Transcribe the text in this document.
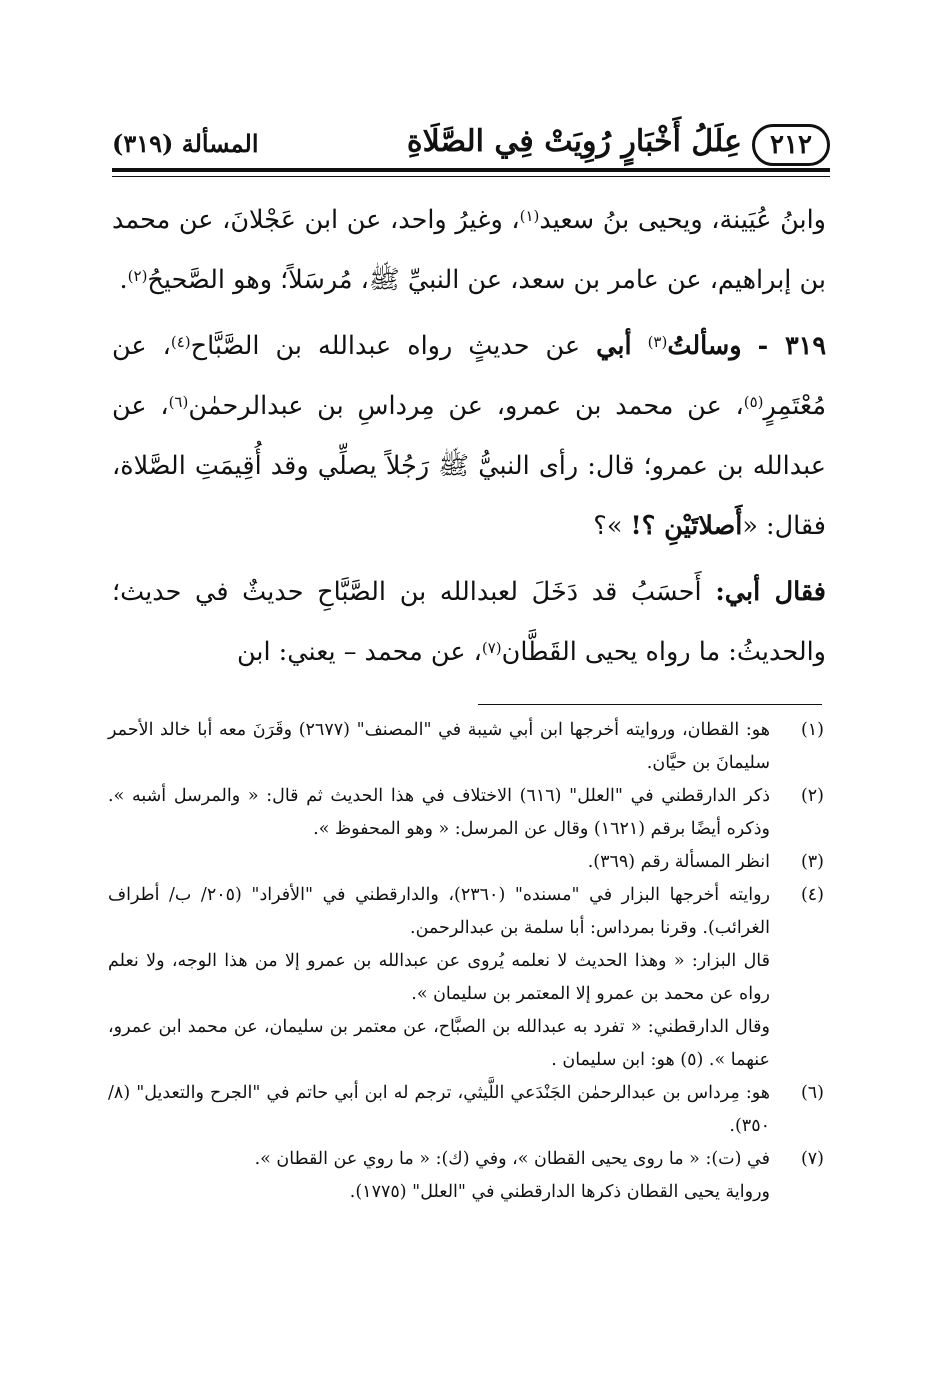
٢١٢
عِلَلُ أَخْبَارٍ رُوِيَتْ فِي الصَّلَاةِ
المسألة (٣١٩)

وابنُ عُيَينة، ويحيى بنُ سعيد$^{(١)}$، وغيرُ واحد، عن ابن عَجْلانَ، عن محمد بن إبراهيم، عن عامر بن سعد، عن النبيِّ ﷺ، مُرسَلاً؛ وهو الصَّحيحُ$^{(٢)}$.

٣١٩ - وسألتُ$^{(٣)}$ أبي عن حديثٍ رواه عبدالله بن الصَّبَّاح$^{(٤)}$، عن مُعْتَمِرٍ$^{(٥)}$، عن محمد بن عمرو، عن مِرداسِ بن عبدالرحمٰن$^{(٦)}$، عن عبدالله بن عمرو؛ قال: رأى النبيُّ ﷺ رَجُلاً يصلِّي وقد أُقِيمَتِ الصَّلاة، فقال: «أَصلاتَيْنِ ؟! »؟

فقال أبي: أَحسَبُ قد دَخَلَ لعبدالله بن الصَّبَّاحِ حديثٌ في حديث؛ والحديثُ: ما رواه يحيى القَطَّان$^{(٧)}$، عن محمد – يعني: ابن

(١)
هو: القطان، وروايته أخرجها ابن أبي شيبة في "المصنف" (٢٦٧٧) وقَرَنَ معه أبا خالد الأحمر سليمانَ بن حيَّان.
(٢)
ذكر الدارقطني في "العلل" (٦١٦) الاختلاف في هذا الحديث ثم قال: « والمرسل أشبه ». وذكره أيضًا برقم (١٦٢١) وقال عن المرسل: « وهو المحفوظ ».
(٣)
انظر المسألة رقم (٣٦٩).
(٤)
روايته أخرجها البزار في "مسنده" (٢٣٦٠)، والدارقطني في "الأفراد" (٢٠٥/ ب/ أطراف الغرائب). وقرنا بمرداس: أبا سلمة بن عبدالرحمن.
قال البزار: « وهذا الحديث لا نعلمه يُروى عن عبدالله بن عمرو إلا من هذا الوجه، ولا نعلم رواه عن محمد بن عمرو إلا المعتمر بن سليمان ».
وقال الدارقطني: « تفرد به عبدالله بن الصبَّاح، عن معتمر بن سليمان، عن محمد ابن عمرو، عنهما ». (٥) هو: ابن سليمان .
(٦)
هو: مِرداس بن عبدالرحمٰن الجَنْدَعي اللَّيثي، ترجم له ابن أبي حاتم في "الجرح والتعديل" (٨/ ٣٥٠).
(٧)
في (ت): « ما روى يحيى القطان »، وفي (ك): « ما روي عن القطان ».
ورواية يحيى القطان ذكرها الدارقطني في "العلل" (١٧٧٥).
